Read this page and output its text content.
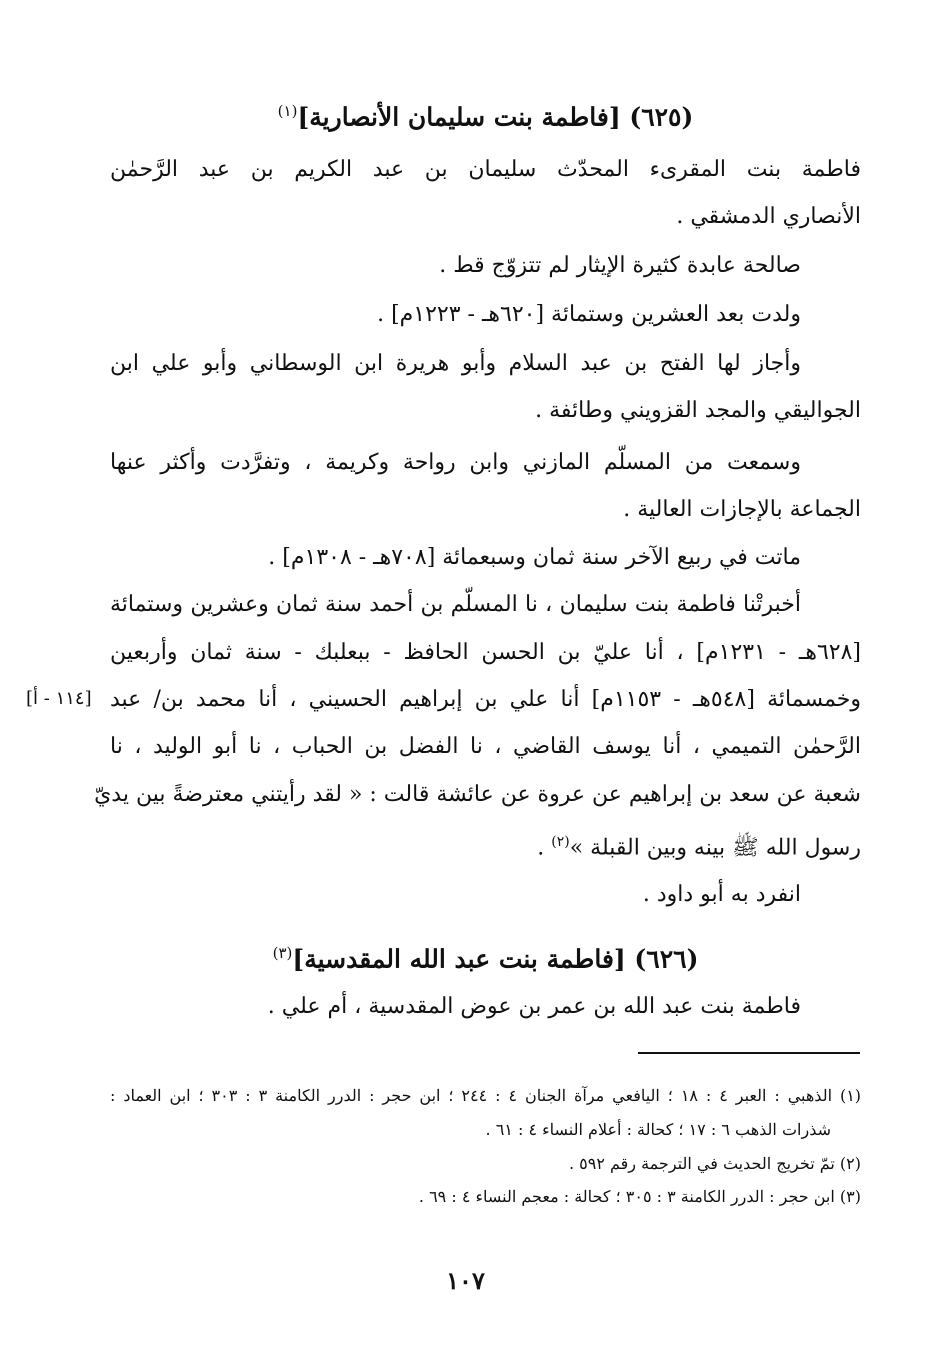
(٦٢٥) [فاطمة بنت سليمان الأنصارية]$^{(١)}$
فاطمة بنت المقرىء المحدّث سليمان بن عبد الكريم بن عبد الرَّحمٰن
الأنصاري الدمشقي .
صالحة عابدة كثيرة الإيثار لم تتزوّج قط .
ولدت بعد العشرين وستمائة [٦٢٠هـ - ١٢٢٣م] .
وأجاز لها الفتح بن عبد السلام وأبو هريرة ابن الوسطاني وأبو علي ابن
الجواليقي والمجد القزويني وطائفة .
وسمعت من المسلّم المازني وابن رواحة وكريمة ، وتفرَّدت وأكثر عنها
الجماعة بالإجازات العالية .
ماتت في ربيع الآخر سنة ثمان وسبعمائة [٧٠٨هـ - ١٣٠٨م] .
أخبرتْنا فاطمة بنت سليمان ، نا المسلّم بن أحمد سنة ثمان وعشرين وستمائة
[٦٢٨هـ - ١٢٣١م] ، أنا عليّ بن الحسن الحافظ - ببعلبك - سنة ثمان وأربعين
وخمسمائة [٥٤٨هـ - ١١٥٣م] أنا علي بن إبراهيم الحسيني ، أنا محمد بن/ عبد
الرَّحمٰن التميمي ، أنا يوسف القاضي ، نا الفضل بن الحباب ، نا أبو الوليد ، نا
شعبة عن سعد بن إبراهيم عن عروة عن عائشة قالت : « لقد رأيتني معترضةً بين يديّ
رسول الله ﷺ بينه وبين القبلة »$^{(٢)}$ .
انفرد به أبو داود .
[١١٤ - أ]
(٦٢٦) [فاطمة بنت عبد الله المقدسية]$^{(٣)}$
فاطمة بنت عبد الله بن عمر بن عوض المقدسية ، أم علي .
(١) الذهبي : العبر ٤ : ١٨ ؛ اليافعي مرآة الجنان ٤ : ٢٤٤ ؛ ابن حجر : الدرر الكامنة ٣ : ٣٠٣ ؛ ابن العماد :
شذرات الذهب ٦ : ١٧ ؛ كحالة : أعلام النساء ٤ : ٦١ .
(٢) تمّ تخريج الحديث في الترجمة رقم ٥٩٢ .
(٣) ابن حجر : الدرر الكامنة ٣ : ٣٠٥ ؛ كحالة : معجم النساء ٤ : ٦٩ .
١٠٧
